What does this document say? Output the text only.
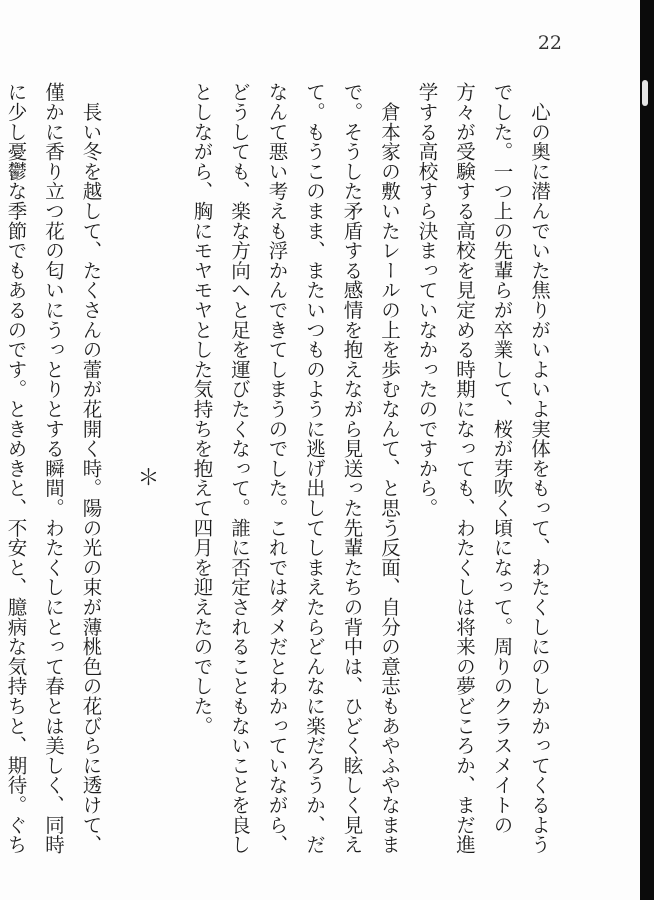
22

　心の奥に潜んでいた焦りがいよいよ実体をもって、わたくしにのしかかってくるようでした。一つ上の先輩らが卒業して、桜が芽吹く頃になって。周りのクラスメイトの方々が受験する高校を見定める時期になっても、わたくしは将来の夢どころか、まだ進学する高校すら決まっていなかったのですから。

　倉本家の敷いたレールの上を歩むなんて、と思う反面、自分の意志もあやふやなままで。そうした矛盾する感情を抱えながら見送った先輩たちの背中は、ひどく眩しく見えて。もうこのまま、またいつものように逃げ出してしまえたらどんなに楽だろうか、だなんて悪い考えも浮かんできてしまうのでした。これではダメだとわかっていながら、どうしても、楽な方向へと足を運びたくなって。誰に否定されることもないことを良しとしながら、胸にモヤモヤとした気持ちを抱えて四月を迎えたのでした。

＊

　長い冬を越して、たくさんの蕾が花開く時。陽の光の束が薄桃色の花びらに透けて、僅かに香り立つ花の匂いにうっとりとする瞬間。わたくしにとって春とは美しく、同時に少し憂鬱な季節でもあるのです。ときめきと、不安と、臆病な気持ちと、期待。ぐち
